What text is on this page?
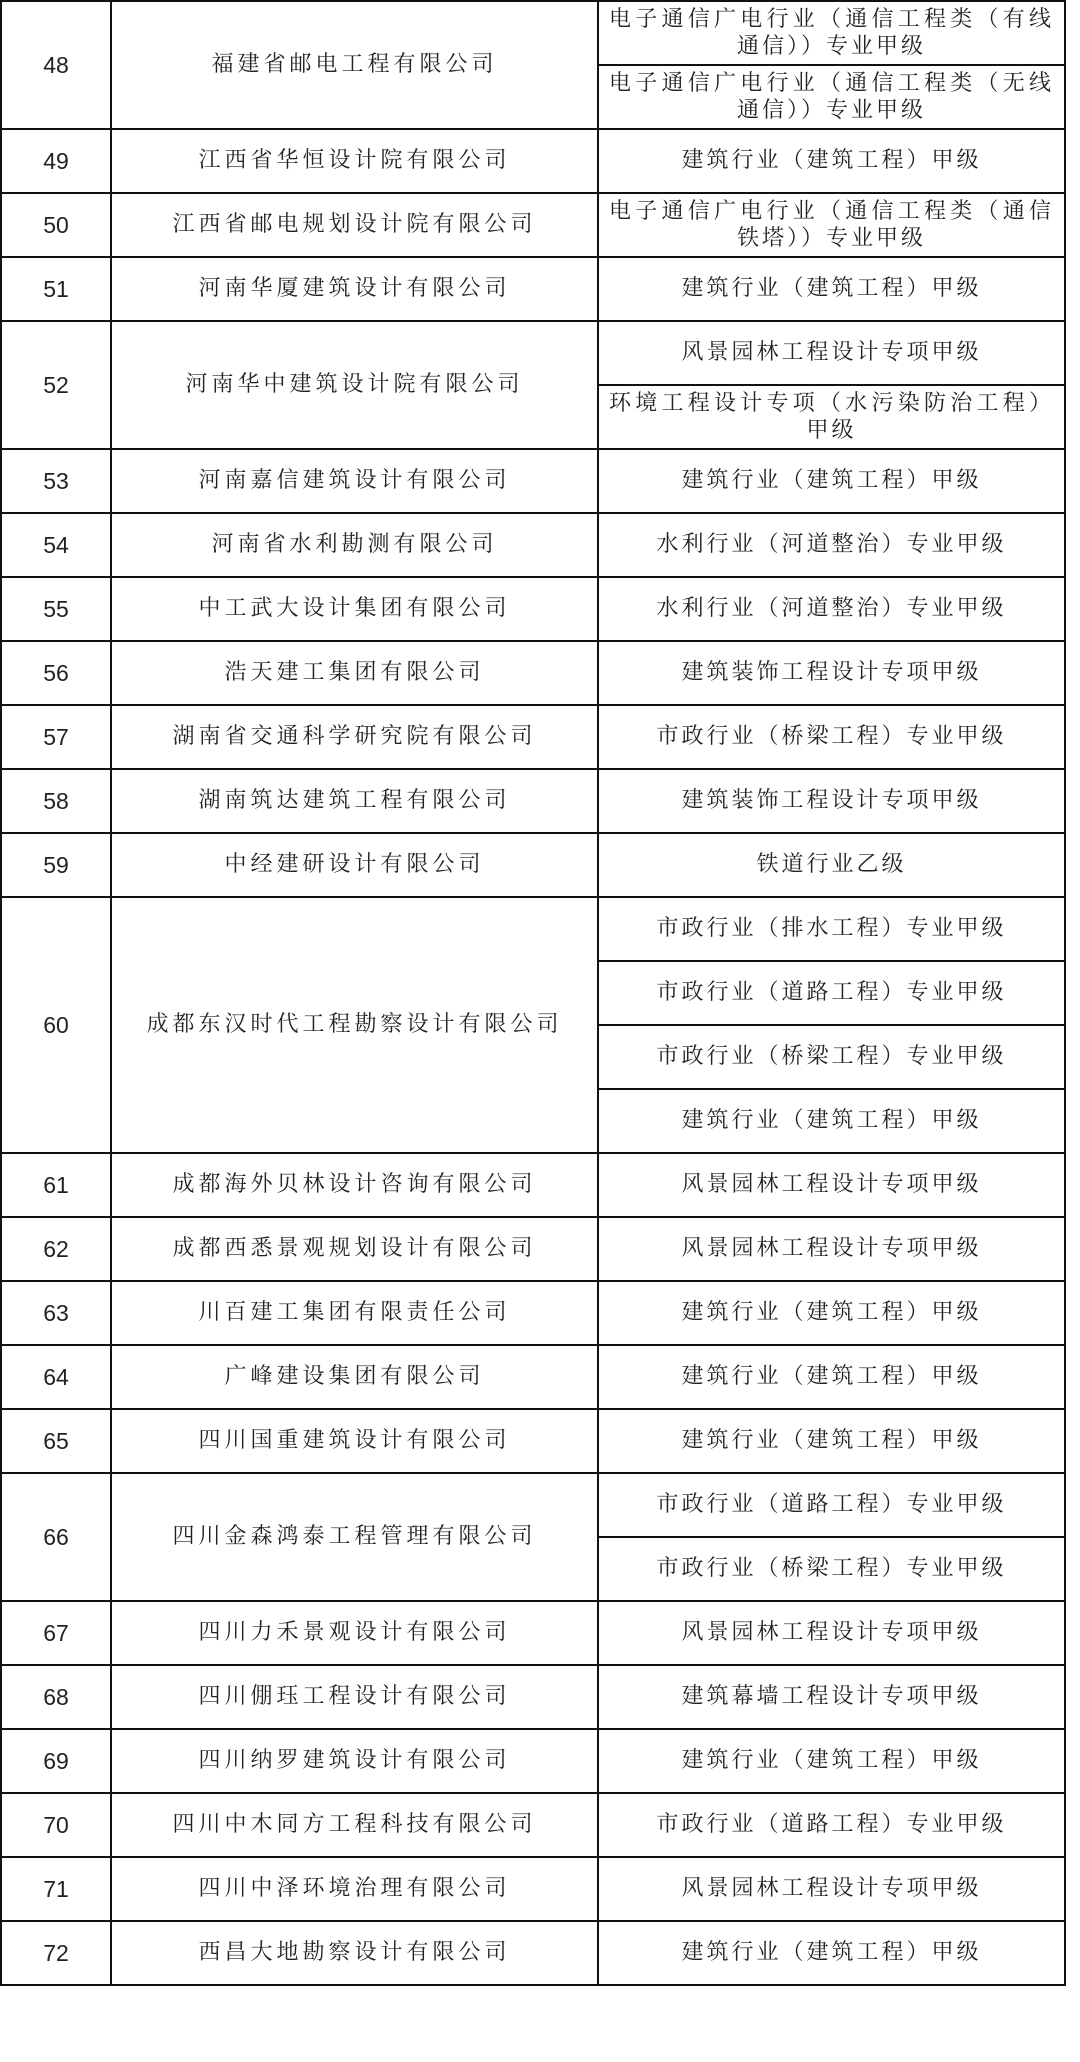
48	福建省邮电工程有限公司	电子通信广电行业（通信工程类（有线通信））专业甲级
		电子通信广电行业（通信工程类（无线通信））专业甲级
49	江西省华恒设计院有限公司	建筑行业（建筑工程）甲级
50	江西省邮电规划设计院有限公司	电子通信广电行业（通信工程类（通信铁塔））专业甲级
51	河南华厦建筑设计有限公司	建筑行业（建筑工程）甲级
52	河南华中建筑设计院有限公司	风景园林工程设计专项甲级
		环境工程设计专项（水污染防治工程）甲级
53	河南嘉信建筑设计有限公司	建筑行业（建筑工程）甲级
54	河南省水利勘测有限公司	水利行业（河道整治）专业甲级
55	中工武大设计集团有限公司	水利行业（河道整治）专业甲级
56	浩天建工集团有限公司	建筑装饰工程设计专项甲级
57	湖南省交通科学研究院有限公司	市政行业（桥梁工程）专业甲级
58	湖南筑达建筑工程有限公司	建筑装饰工程设计专项甲级
59	中经建研设计有限公司	铁道行业乙级
60	成都东汉时代工程勘察设计有限公司	市政行业（排水工程）专业甲级
		市政行业（道路工程）专业甲级
		市政行业（桥梁工程）专业甲级
		建筑行业（建筑工程）甲级
61	成都海外贝林设计咨询有限公司	风景园林工程设计专项甲级
62	成都西悉景观规划设计有限公司	风景园林工程设计专项甲级
63	川百建工集团有限责任公司	建筑行业（建筑工程）甲级
64	广峰建设集团有限公司	建筑行业（建筑工程）甲级
65	四川国重建筑设计有限公司	建筑行业（建筑工程）甲级
66	四川金森鸿泰工程管理有限公司	市政行业（道路工程）专业甲级
		市政行业（桥梁工程）专业甲级
67	四川力禾景观设计有限公司	风景园林工程设计专项甲级
68	四川倗珏工程设计有限公司	建筑幕墙工程设计专项甲级
69	四川纳罗建筑设计有限公司	建筑行业（建筑工程）甲级
70	四川中木同方工程科技有限公司	市政行业（道路工程）专业甲级
71	四川中泽环境治理有限公司	风景园林工程设计专项甲级
72	西昌大地勘察设计有限公司	建筑行业（建筑工程）甲级
